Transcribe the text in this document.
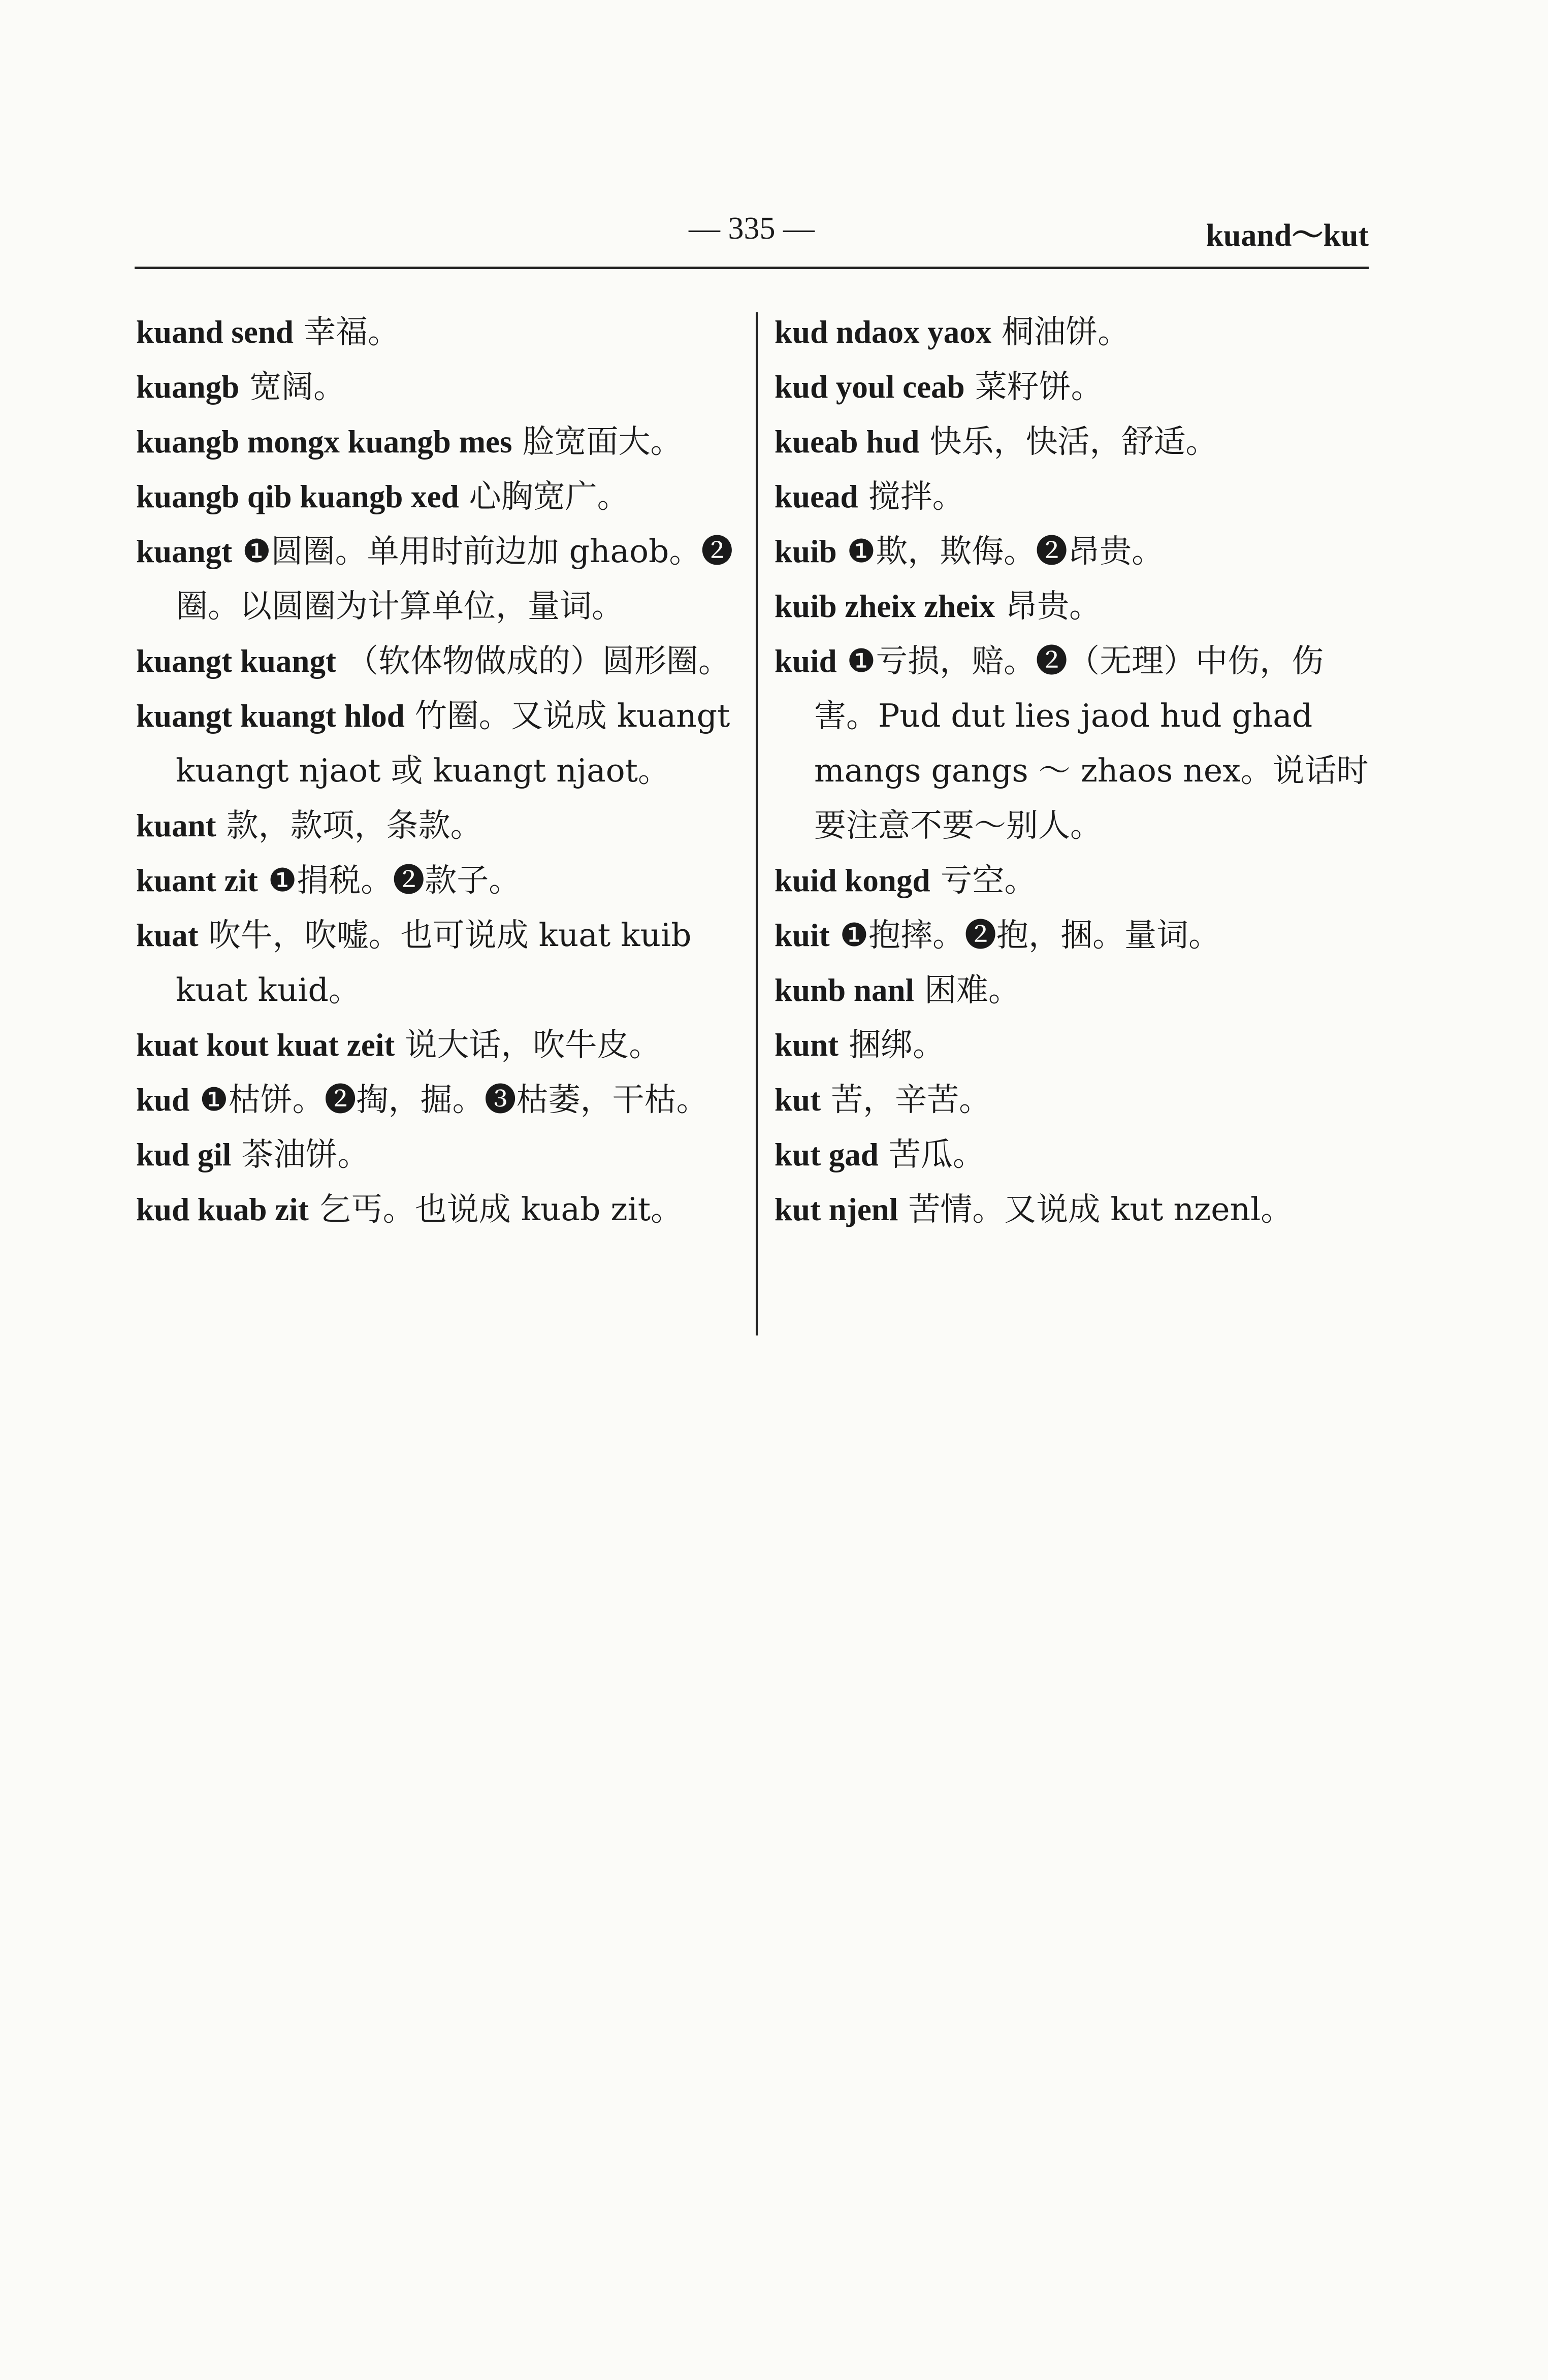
— 335 —	kuand～kut
kuand send 幸福。
kuangb 宽阔。
kuangb mongx kuangb mes 脸宽面大。
kuangb qib kuangb xed 心胸宽广。
kuangt ❶圆圈。单用时前边加 ghaob。❷圈。以圆圈为计算单位，量词。
kuangt kuangt （软体物做成的）圆形圈。
kuangt kuangt hlod 竹圈。又说成 kuangt kuangt njaot 或 kuangt njaot。
kuant 款，款项，条款。
kuant zit ❶捐税。❷款子。
kuat 吹牛，吹嘘。也可说成 kuat kuib kuat kuid。
kuat kout kuat zeit 说大话，吹牛皮。
kud ❶枯饼。❷掏，掘。❸枯萎，干枯。
kud gil 茶油饼。
kud kuab zit 乞丐。也说成 kuab zit。
kud ndaox yaox 桐油饼。
kud youl ceab 菜籽饼。
kueab hud 快乐，快活，舒适。
kuead 搅拌。
kuib ❶欺，欺侮。❷昂贵。
kuib zheix zheix 昂贵。
kuid ❶亏损，赔。❷（无理）中伤，伤害。Pud dut lies jaod hud ghad mangs gangs ～ zhaos nex。说话时要注意不要～别人。
kuid kongd 亏空。
kuit ❶抱摔。❷抱，捆。量词。
kunb nanl 困难。
kunt 捆绑。
kut 苦，辛苦。
kut gad 苦瓜。
kut njenl 苦情。又说成 kut nzenl。
